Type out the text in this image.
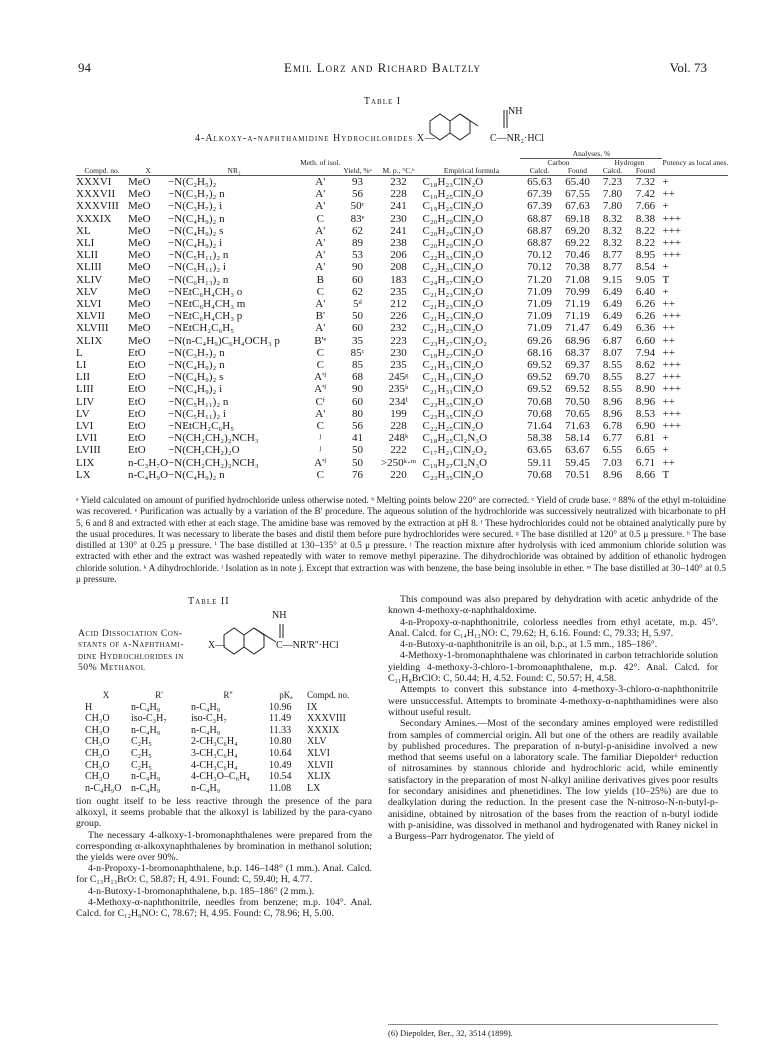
94	Emil Lorz and Richard Baltzly	Vol. 73
Table I
4-Alkoxy-α-naphthamidine Hydrochlorides X—
NH
C—NR₂·HCl
							Analyses, %				
			Meth. of isol.				Carbon		Hydrogen		Potency as local anes.
Compd. no.	X	NR₂		Yield, %ᵃ	M. p., °C.ᵇ	Empirical formula	Calcd.	Found	Calcd.	Found	
XXXVI	MeO	−N(C₂H₅)₂	A'	93	232	C₁₈H₂₃ClN₂O	65.63	65.40	7.23	7.32	+
XXXVII	MeO	−N(C₃H₇)₂ n	A'	56	228	C₁₉H₂₅ClN₂O	67.39	67.55	7.80	7.42	++
XXXVIII	MeO	−N(C₃H₇)₂ i	A'	50ᶜ	241	C₁₉H₂₅ClN₂O	67.39	67.63	7.80	7.66	+
XXXIX	MeO	−N(C₄H₉)₂ n	C	83ᵉ	230	C₂₀H₂₉ClN₂O	68.87	69.18	8.32	8.38	+++
XL	MeO	−N(C₄H₉)₂ s	A'	62	241	C₂₀H₂₉ClN₂O	68.87	69.20	8.32	8.22	+++
XLI	MeO	−N(C₄H₉)₂ i	A'	89	238	C₂₀H₂₉ClN₂O	68.87	69.22	8.32	8.22	+++
XLII	MeO	−N(C₅H₁₁)₂ n	A'	53	206	C₂₂H₃₃ClN₂O	70.12	70.46	8.77	8.95	+++
XLIII	MeO	−N(C₅H₁₁)₂ i	A'	90	208	C₂₂H₃₃ClN₂O	70.12	70.38	8.77	8.54	+
XLIV	MeO	−N(C₆H₁₃)₂ n	B	60	183	C₂₄H₃₇ClN₂O	71.20	71.08	9.15	9.05	T
XLV	MeO	−NEtC₆H₄CH₃ o	C	62	235	C₂₁H₂₃ClN₂O	71.09	70.99	6.49	6.40	+
XLVI	MeO	−NEtC₆H₄CH₃ m	A'	5ᵈ	212	C₂₁H₂₃ClN₂O	71.09	71.19	6.49	6.26	++
XLVII	MeO	−NEtC₆H₄CH₃ p	B'	50	226	C₂₁H₂₃ClN₂O	71.09	71.19	6.49	6.26	+++
XLVIII	MeO	−NEtCH₂C₆H₅	A'	60	232	C₂₁H₂₃ClN₂O	71.09	71.47	6.49	6.36	++
XLIX	MeO	−N(n-C₄H₉)C₆H₄OCH₃ p	B'ᵉ	35	223	C₂₃H₂₇ClN₂O₂	69.26	68.96	6.87	6.60	++
L	EtO	−N(C₃H₇)₂ n	C	85ᶜ	230	C₁₉H₂₇ClN₂O	68.16	68.37	8.07	7.94	++
LI	EtO	−N(C₄H₉)₂ n	C	85	235	C₂₁H₃₁ClN₂O	69.52	69.37	8.55	8.62	+++
LII	EtO	−N(C₄H₉)₂ s	A'ᶠ	68	245ᵍ	C₂₁H₃₁ClN₂O	69.52	69.70	8.55	8.27	+++
LIII	EtO	−N(C₄H₉)₂ i	A'ᶠ	90	235ʰ	C₂₁H₃₁ClN₂O	69.52	69.52	8.55	8.90	+++
LIV	EtO	−N(C₅H₁₁)₂ n	Cᶠ	60	234ⁱ	C₂₃H₃₅ClN₂O	70.68	70.50	8.96	8.96	++
LV	EtO	−N(C₅H₁₁)₂ i	A'	80	199	C₂₃H₃₅ClN₂O	70.68	70.65	8.96	8.53	+++
LVI	EtO	−NEtCH₂C₆H₅	C	56	228	C₂₂H₂₅ClN₂O	71.64	71.63	6.78	6.90	+++
LVII	EtO	−N(CH₂CH₂)₂NCH₃	ʲ	41	248ᵏ	C₁₈H₂₅Cl₂N₃O	58.38	58.14	6.77	6.81	+
LVIII	EtO	−N(CH₂CH₂)₂O	ʲ	50	222	C₁₇H₂₁ClN₂O₂	63.65	63.67	6.55	6.65	+
LIX	n-C₃H₇O	−N(CH₂CH₂)₂NCH₃	A'ᶠ	50	>250ᵏ·ᵐ	C₁₉H₂₇Cl₂N₃O	59.11	59.45	7.03	6.71	++
LX	n-C₄H₉O	−N(C₄H₉)₂ n	C	76	220	C₂₃H₃₅ClN₂O	70.68	70.51	8.96	8.66	T
ᵃ Yield calculated on amount of purified hydrochloride unless otherwise noted. ᵇ Melting points below 220° are corrected. ᶜ Yield of crude base. ᵈ 88% of the ethyl m-toluidine was recovered. ᵉ Purification was actually by a variation of the B' procedure. The aqueous solution of the hydrochloride was successively neutralized with bicarbonate to pH 5, 6 and 8 and extracted with ether at each stage. The amidine base was removed by the extraction at pH 8. ᶠ These hydrochlorides could not be obtained analytically pure by the usual procedures. It was necessary to liberate the bases and distil them before pure hydrochlorides were secured. ᵍ The base distilled at 120° at 0.5 μ pressure. ʰ The base distilled at 130° at 0.25 μ pressure. ⁱ The base distilled at 130–135° at 0.5 μ pressure. ʲ The reaction mixture after hydrolysis with iced ammonium chloride solution was extracted with ether and the extract was washed repeatedly with water to remove methyl piperazine. The dihydrochloride was obtained by addition of ethanolic hydrogen chloride solution. ᵏ A dihydrochloride. ˡ Isolation as in note j. Except that extraction was with benzene, the base being insoluble in ether. ᵐ The base distilled at 30–140° at 0.5 μ pressure.
Table II
Acid Dissociation Con-
stants of α-Naphthami-
dine Hydrochlorides in
50% Methanol
X—
NH
C—NR'R''·HCl
X	R'	R''	pKₐ	Compd. no.
H	n-C₄H₉	n-C₄H₉	10.96	IX
CH₃O	iso-C₃H₇	iso-C₃H₇	11.49	XXXVIII
CH₃O	n-C₄H₉	n-C₄H₉	11.33	XXXIX
CH₃O	C₂H₅	2-CH₃C₆H₄	10.80	XLV
CH₃O	C₂H₅	3-CH₃C₆H₄	10.64	XLVI
CH₃O	C₂H₅	4-CH₃C₆H₄	10.49	XLVII
CH₃O	n-C₄H₉	4-CH₃O–C₆H₄	10.54	XLIX
n-C₄H₉O	n-C₄H₉	n-C₄H₉	11.08	LX

tion ought itself to be less reactive through the presence of the para alkoxyl, it seems probable that the alkoxyl is labilized by the para-cyano group.

The necessary 4-alkoxy-1-bromonaphthalenes were prepared from the corresponding α-alkoxynaphthalenes by bromination in methanol solution; the yields were over 90%.

4-n-Propoxy-1-bromonaphthalene, b.p. 146–148° (1 mm.). Anal. Calcd. for C₁₃H₁₃BrO: C, 58.87; H, 4.91. Found: C, 59.40; H, 4.77.

4-n-Butoxy-1-bromonaphthalene, b.p. 185–186° (2 mm.).

4-Methoxy-α-naphthonitrile, needles from benzene; m.p. 104°. Anal. Calcd. for C₁₂H₉NO: C, 78.67; H, 4.95. Found: C, 78.96; H, 5.00.

This compound was also prepared by dehydration with acetic anhydride of the known 4-methoxy-α-naphthaldoxime.

4-n-Propoxy-α-naphthonitrile, colorless needles from ethyl acetate, m.p. 45°. Anal. Calcd. for C₁₄H₁₃NO: C, 79.62; H, 6.16. Found: C, 79.33; H, 5.97.

4-n-Butoxy-α-naphthonitrile is an oil, b.p., at 1.5 mm., 185–186°.

4-Methoxy-1-bromonaphthalene was chlorinated in carbon tetrachloride solution yielding 4-methoxy-3-chloro-1-bromonaphthalene, m.p. 42°. Anal. Calcd. for C₁₁H₈BrClO: C, 50.44; H, 4.52. Found: C, 50.57; H, 4.58.

Attempts to convert this substance into 4-methoxy-3-chloro-α-naphthonitrile were unsuccessful. Attempts to brominate 4-methoxy-α-naphthamidines were also without useful result.

Secondary Amines.—Most of the secondary amines employed were redistilled from samples of commercial origin. All but one of the others are readily available by published procedures. The preparation of n-butyl-p-anisidine involved a new method that seems useful on a laboratory scale. The familiar Diepolder⁶ reduction of nitrosamines by stannous chloride and hydrochloric acid, while eminently satisfactory in the preparation of most N-alkyl aniline derivatives gives poor results for secondary anisidines and phenetidines. The low yields (10–25%) are due to dealkylation during the reduction. In the present case the N-nitroso-N-n-butyl-p-anisidine, obtained by nitrosation of the bases from the reaction of n-butyl iodide with p-anisidine, was dissolved in methanol and hydrogenated with Raney nickel in a Burgess–Parr hydrogenator. The yield of

(6) Diepolder, Ber., 32, 3514 (1899).
